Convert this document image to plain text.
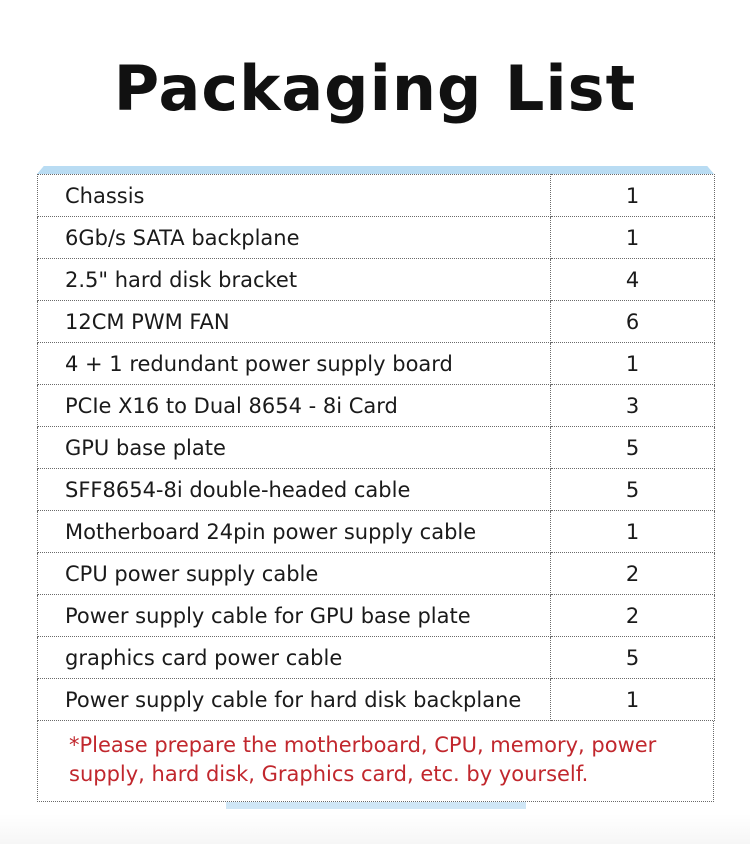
Packaging List
Chassis	1
6Gb/s SATA backplane	1
2.5" hard disk bracket	4
12CM PWM FAN	6
4 + 1 redundant power supply board	1
PCIe X16 to Dual 8654 - 8i Card	3
GPU base plate	5
SFF8654-8i double-headed cable	5
Motherboard 24pin power supply cable	1
CPU power supply cable	2
Power supply cable for GPU base plate	2
graphics card power cable	5
Power supply cable for hard disk backplane	1
*Please prepare the motherboard, CPU, memory, power supply, hard disk, Graphics card, etc. by yourself.
